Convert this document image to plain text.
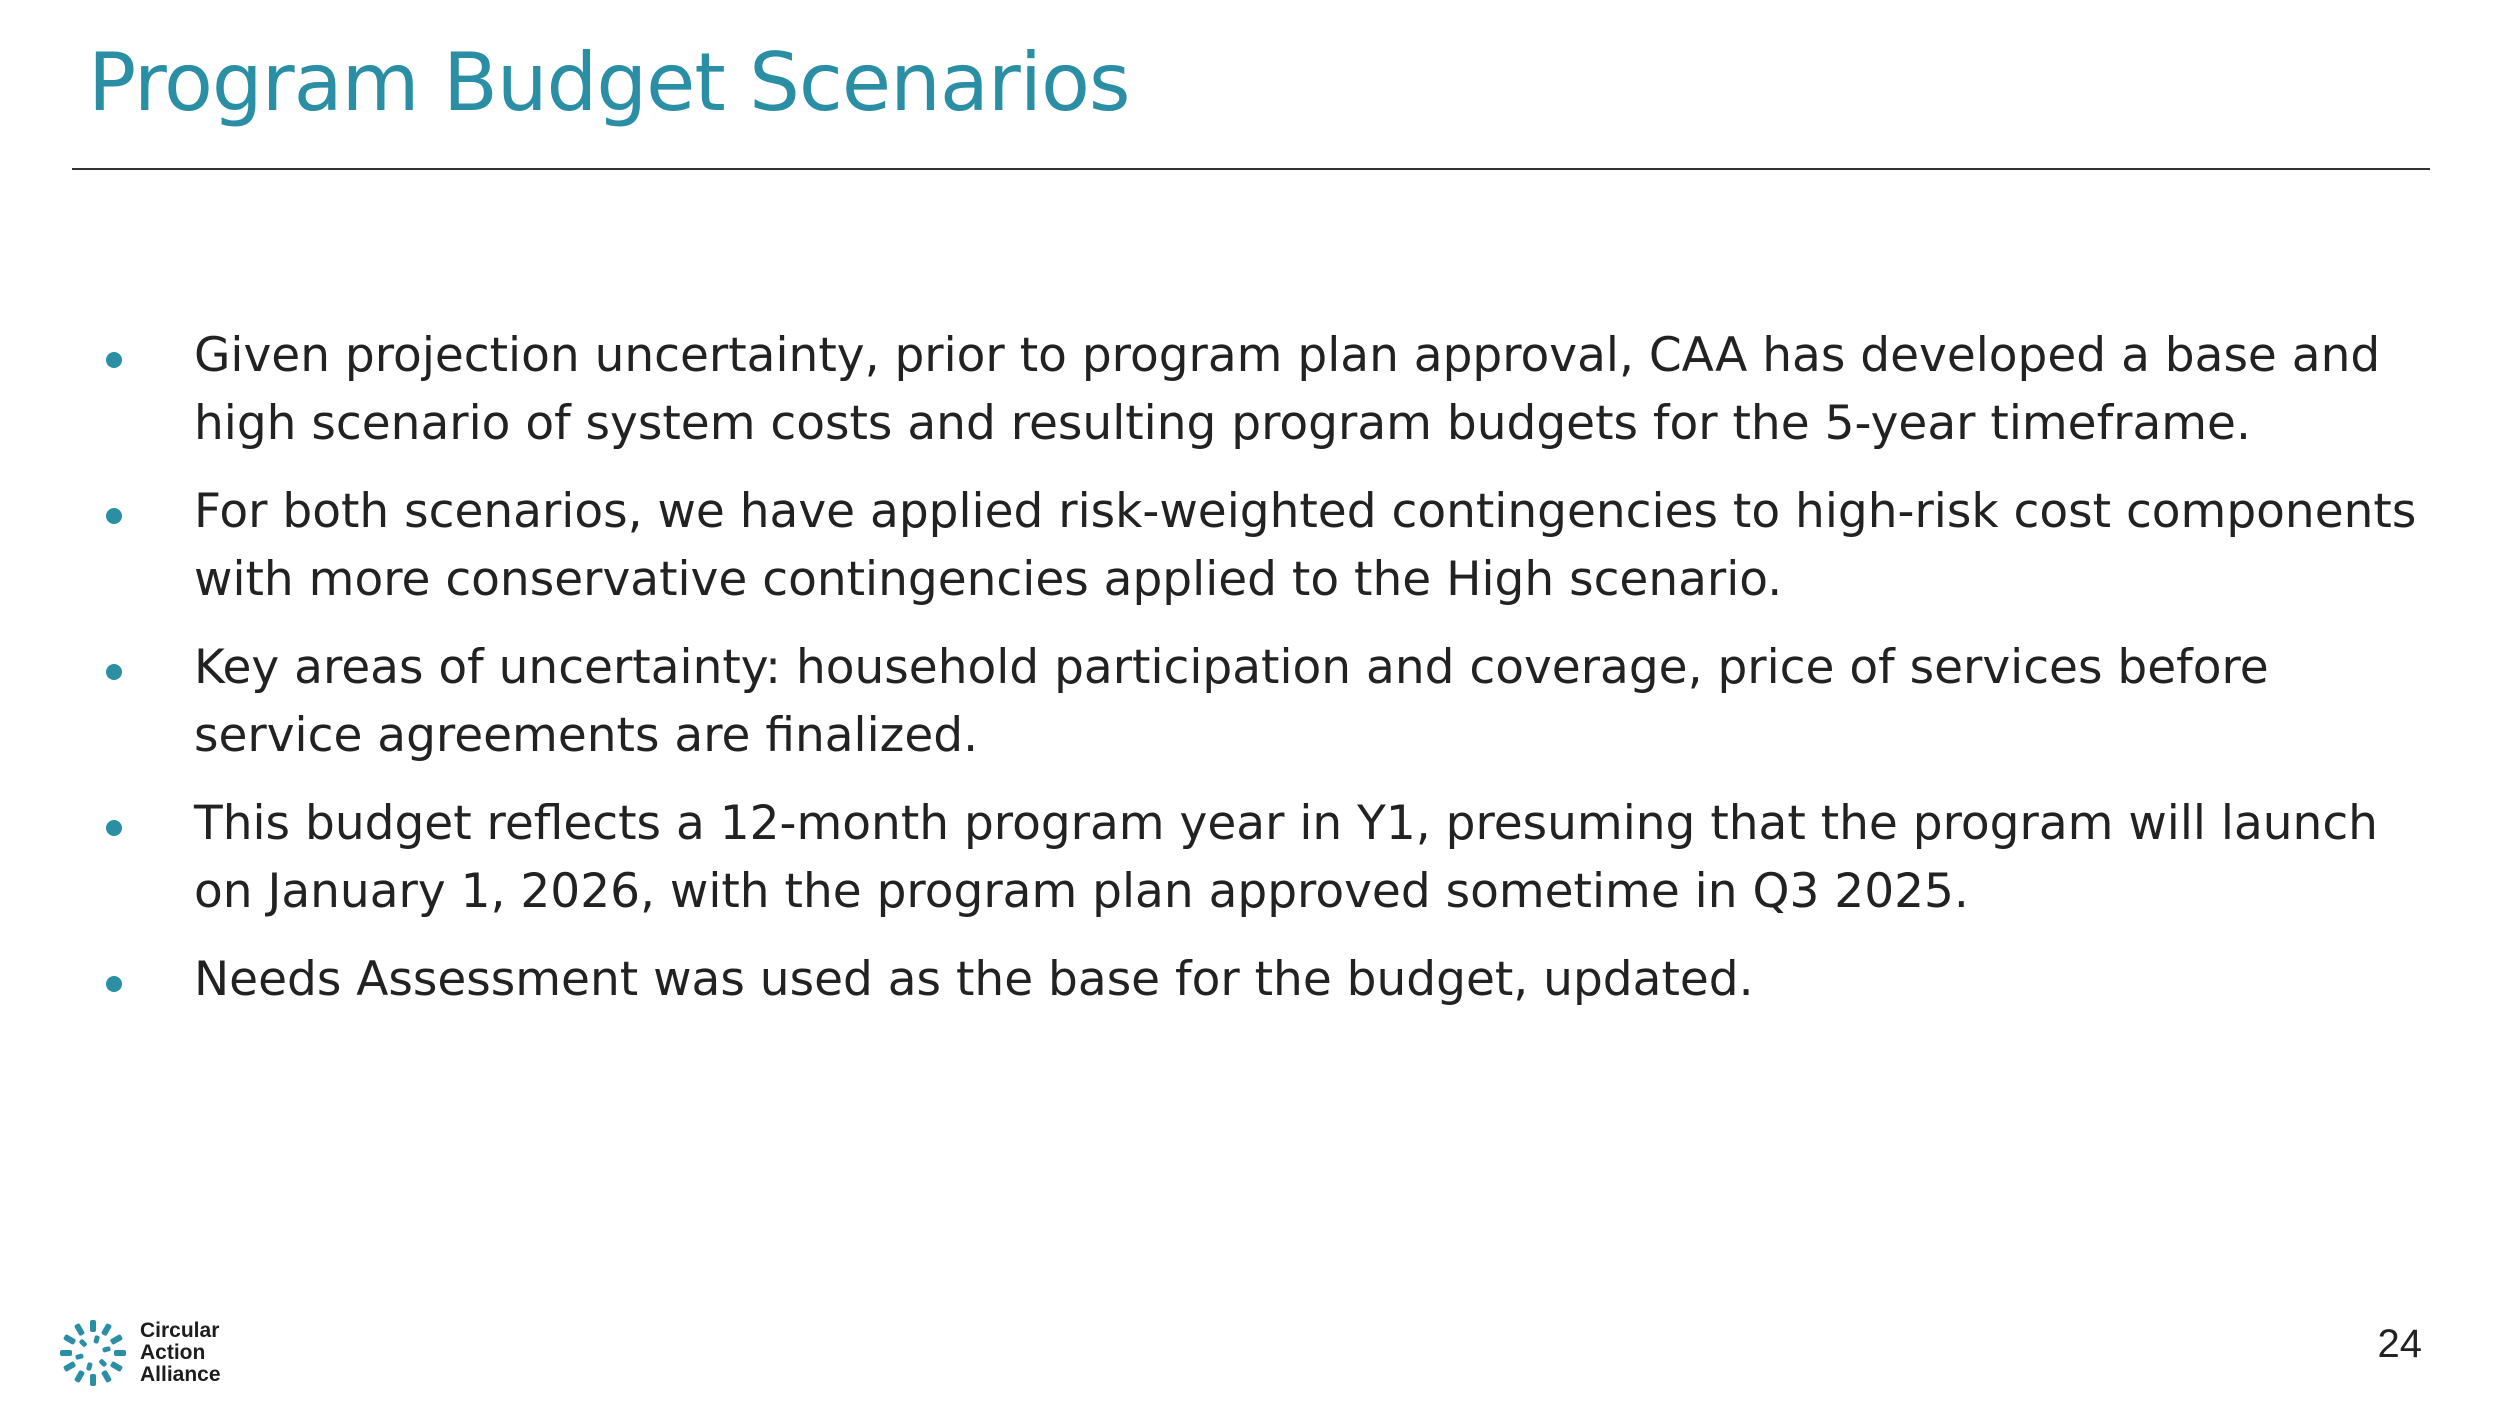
Program Budget Scenarios
Given projection uncertainty, prior to program plan approval, CAA has developed a base and high scenario of system costs and resulting program budgets for the 5-year timeframe.
For both scenarios, we have applied risk-weighted contingencies to high-risk cost components with more conservative contingencies applied to the High scenario.
Key areas of uncertainty: household participation and coverage, price of services before service agreements are finalized.
This budget reflects a 12-month program year in Y1, presuming that the program will launch on January 1, 2026, with the program plan approved sometime in Q3 2025.
Needs Assessment was used as the base for the budget, updated.
Circular
Action
Alliance
24
